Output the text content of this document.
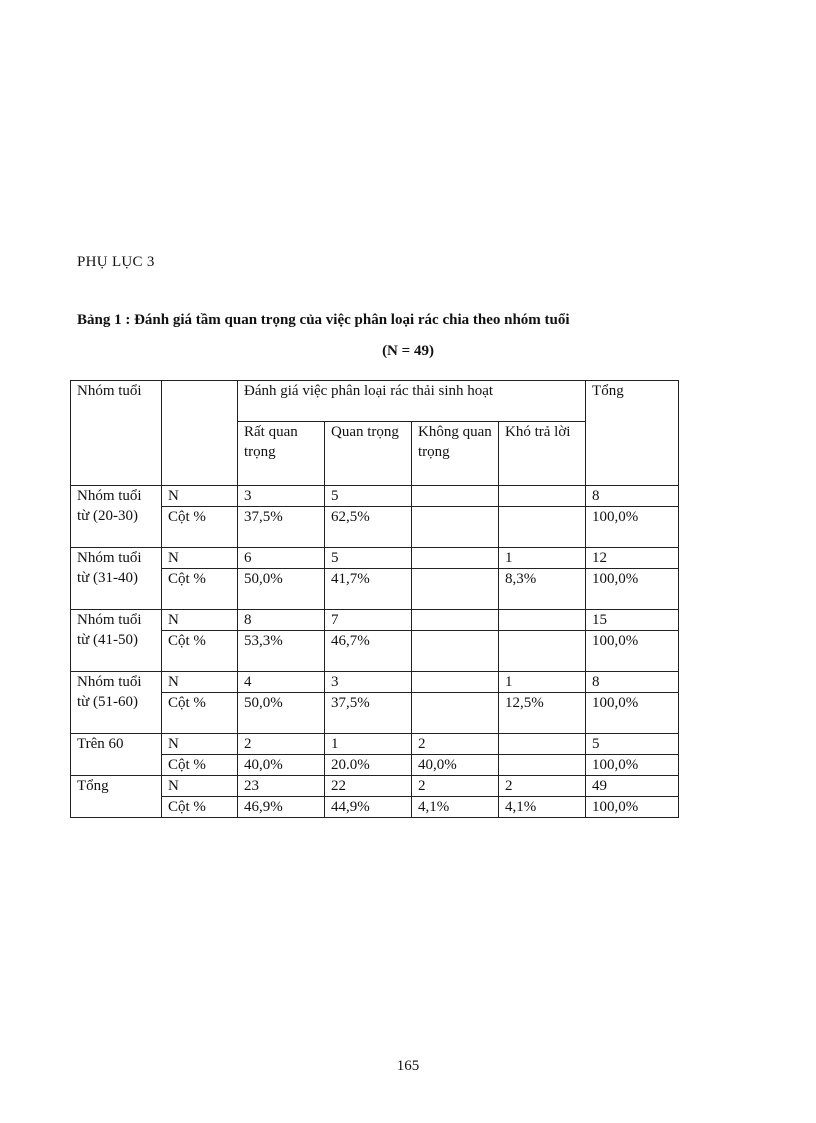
PHỤ LỤC 3
Bảng 1 : Đánh giá tầm quan trọng của việc phân loại rác chia theo nhóm tuổi
(N = 49)
Nhóm tuổi		Đánh giá việc phân loại rác thải sinh hoạt				Tổng
		Rất quan trọng	Quan trọng	Không quan trọng	Khó trả lời	
Nhóm tuổi từ (20-30)	N	3	5			8
	Cột %	37,5%	62,5%			100,0%
Nhóm tuổi từ (31-40)	N	6	5		1	12
	Cột %	50,0%	41,7%		8,3%	100,0%
Nhóm tuổi từ (41-50)	N	8	7			15
	Cột %	53,3%	46,7%			100,0%
Nhóm tuổi từ (51-60)	N	4	3		1	8
	Cột %	50,0%	37,5%		12,5%	100,0%
Trên 60	N	2	1	2		5
	Cột %	40,0%	20.0%	40,0%		100,0%
Tổng	N	23	22	2	2	49
	Cột %	46,9%	44,9%	4,1%	4,1%	100,0%
165
